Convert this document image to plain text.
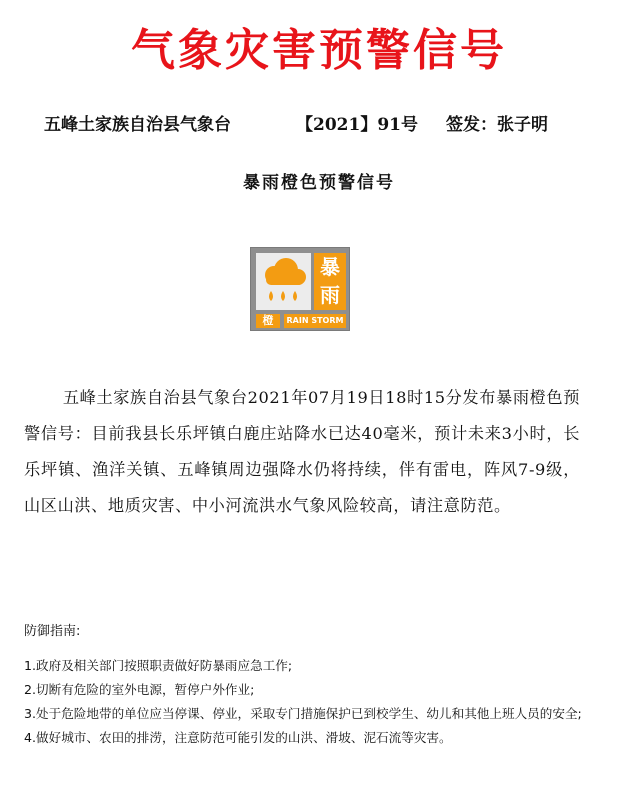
气象灾害预警信号
五峰土家族自治县气象台	【2021】91号 签发：张子明
暴雨橙色预警信号
暴
雨
橙	RAIN STORM
五峰土家族自治县气象台2021年07月19日18时15分发布暴雨橙色预警信号：目前我县长乐坪镇白鹿庄站降水已达40毫米，预计未来3小时，长乐坪镇、渔洋关镇、五峰镇周边强降水仍将持续，伴有雷电，阵风7-9级，山区山洪、地质灾害、中小河流洪水气象风险较高，请注意防范。
防御指南:
1.政府及相关部门按照职责做好防暴雨应急工作;
2.切断有危险的室外电源，暂停户外作业;
3.处于危险地带的单位应当停课、停业，采取专门措施保护已到校学生、幼儿和其他上班人员的安全;
4.做好城市、农田的排涝，注意防范可能引发的山洪、滑坡、泥石流等灾害。
